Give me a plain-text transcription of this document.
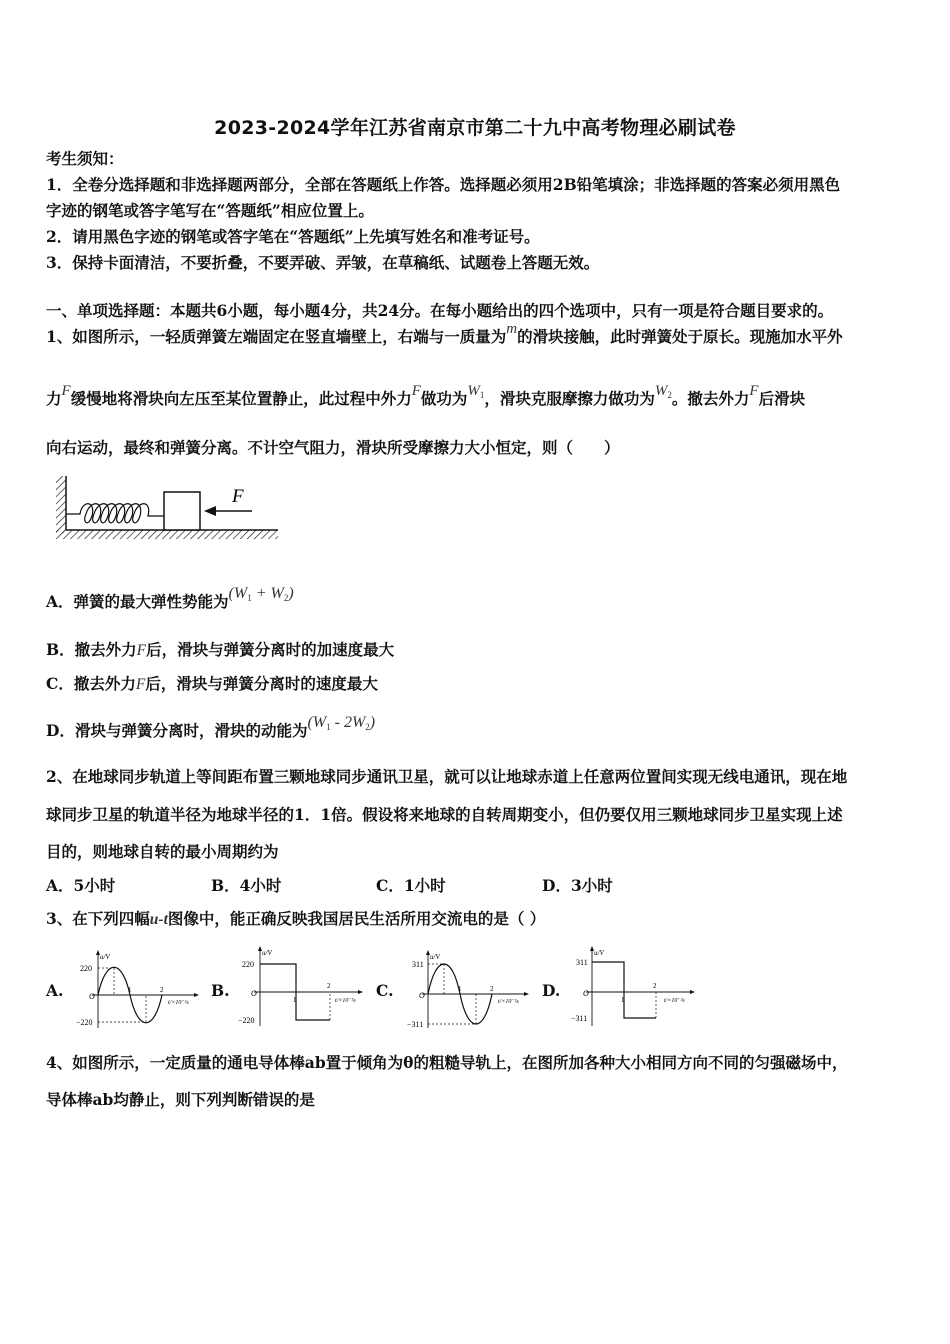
2023-2024学年江苏省南京市第二十九中高考物理必刷试卷
考生须知：
1．全卷分选择题和非选择题两部分，全部在答题纸上作答。选择题必须用2B铅笔填涂；非选择题的答案必须用黑色
字迹的钢笔或答字笔写在“答题纸”相应位置上。
2．请用黑色字迹的钢笔或答字笔在“答题纸”上先填写姓名和准考证号。
3．保持卡面清洁，不要折叠，不要弄破、弄皱，在草稿纸、试题卷上答题无效。
一、单项选择题：本题共6小题，每小题4分，共24分。在每小题给出的四个选项中，只有一项是符合题目要求的。
1、如图所示，一轻质弹簧左端固定在竖直墙壁上，右端与一质量为m的滑块接触，此时弹簧处于原长。现施加水平外
力F缓慢地将滑块向左压至某位置静止，此过程中外力F做功为$W_1$，滑块克服摩擦力做功为$W_2$。撤去外力F后滑块
向右运动，最终和弹簧分离。不计空气阻力，滑块所受摩擦力大小恒定，则（　　）
F
A．弹簧的最大弹性势能为(W1 + W2)
B．撤去外力F后，滑块与弹簧分离时的加速度最大
C．撤去外力F后，滑块与弹簧分离时的速度最大
D．滑块与弹簧分离时，滑块的动能为(W1 - 2W2)
2、在地球同步轨道上等间距布置三颗地球同步通讯卫星，就可以让地球赤道上任意两位置间实现无线电通讯，现在地
球同步卫星的轨道半径为地球半径的1．1倍。假设将来地球的自转周期变小，但仍要仅用三颗地球同步卫星实现上述
目的，则地球自转的最小周期约为
A．5小时	B．4小时	C．1小时	D．3小时
3、在下列四幅u-t图像中，能正确反映我国居民生活所用交流电的是（ ）
A.	B.	C.	D.
u/V
220
−220
O
1	2
t/×10⁻²s
u/V
220
−220
O
1
2
t/×10⁻²s
u/V
311
−311
O
1	2
t/×10⁻²s
u/V
311
−311
O
1
2
t/×10⁻²s
4、如图所示，一定质量的通电导体棒ab置于倾角为θ的粗糙导轨上，在图所加各种大小相同方向不同的匀强磁场中，
导体棒ab均静止，则下列判断错误的是
